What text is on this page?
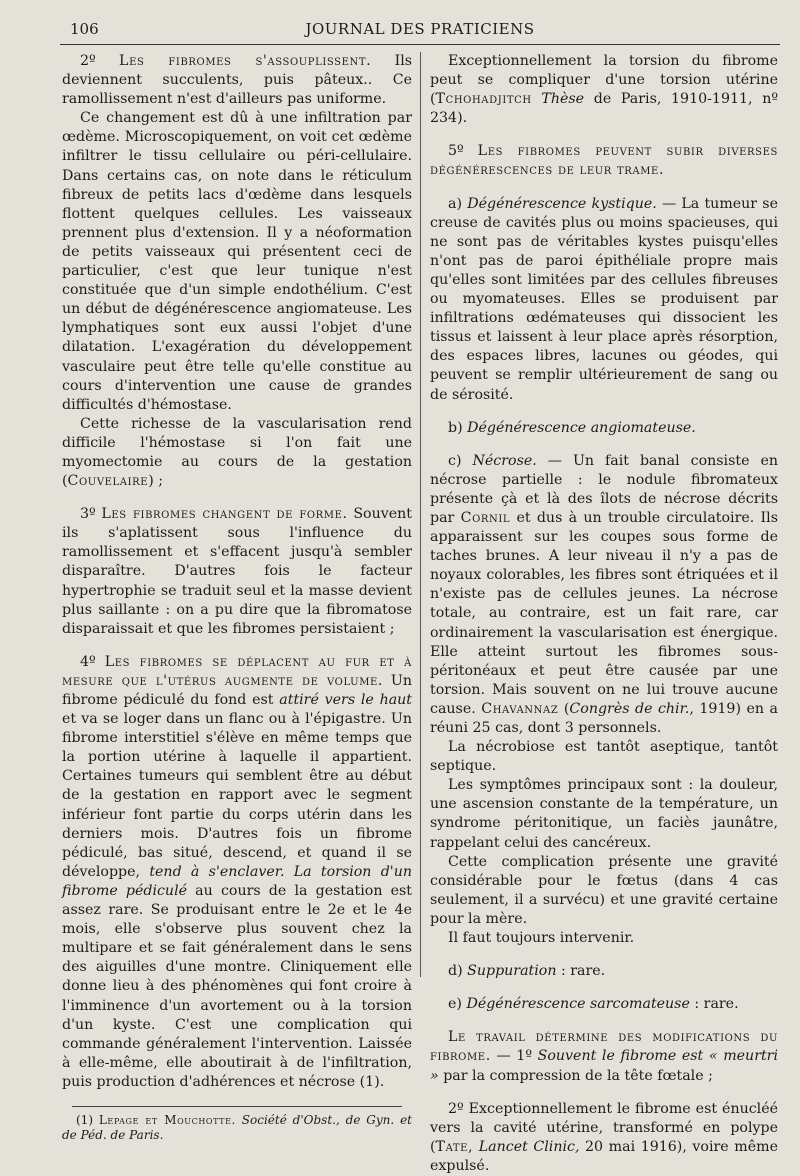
106	JOURNAL DES PRATICIENS

2º Les fibromes s'assouplissent. Ils deviennent succulents, puis pâteux.. Ce ramollissement n'est d'ailleurs pas uniforme.

Ce changement est dû à une infiltration par œdème. Microscopiquement, on voit cet œdème infiltrer le tissu cellulaire ou péri-cellulaire. Dans certains cas, on note dans le réticulum fibreux de petits lacs d'œdème dans lesquels flottent quelques cellules. Les vaisseaux prennent plus d'extension. Il y a néoformation de petits vaisseaux qui présentent ceci de particulier, c'est que leur tunique n'est constituée que d'un simple endothélium. C'est un début de dégénérescence angiomateuse. Les lymphatiques sont eux aussi l'objet d'une dilatation. L'exagération du développement vasculaire peut être telle qu'elle constitue au cours d'intervention une cause de grandes difficultés d'hémostase.

Cette richesse de la vascularisation rend difficile l'hémostase si l'on fait une myomectomie au cours de la gestation (Couvelaire) ;

3º Les fibromes changent de forme. Souvent ils s'aplatissent sous l'influence du ramollissement et s'effacent jusqu'à sembler disparaître. D'autres fois le facteur hypertrophie se traduit seul et la masse devient plus saillante : on a pu dire que la fibromatose disparaissait et que les fibromes persistaient ;

4º Les fibromes se déplacent au fur et à mesure que l'utérus augmente de volume. Un fibrome pédiculé du fond est attiré vers le haut et va se loger dans un flanc ou à l'épigastre. Un fibrome interstitiel s'élève en même temps que la portion utérine à laquelle il appartient. Certaines tumeurs qui semblent être au début de la gestation en rapport avec le segment inférieur font partie du corps utérin dans les derniers mois. D'autres fois un fibrome pédiculé, bas situé, descend, et quand il se développe, tend à s'enclaver. La torsion d'un fibrome pédiculé au cours de la gestation est assez rare. Se produisant entre le 2e et le 4e mois, elle s'observe plus souvent chez la multipare et se fait généralement dans le sens des aiguilles d'une montre. Cliniquement elle donne lieu à des phénomènes qui font croire à l'imminence d'un avortement ou à la torsion d'un kyste. C'est une complication qui commande généralement l'intervention. Laissée à elle-même, elle aboutirait à de l'infiltration, puis production d'adhérences et nécrose (1).

(1) Lepage et Mouchotte. Société d'Obst., de Gyn. et de Péd. de Paris.

Exceptionnellement la torsion du fibrome peut se compliquer d'une torsion utérine (Tchohadjitch Thèse de Paris, 1910-1911, nº 234).

5º Les fibromes peuvent subir diverses dégénérescences de leur trame.

a) Dégénérescence kystique. — La tumeur se creuse de cavités plus ou moins spacieuses, qui ne sont pas de véritables kystes puisqu'elles n'ont pas de paroi épithéliale propre mais qu'elles sont limitées par des cellules fibreuses ou myomateuses. Elles se produisent par infiltrations œdémateuses qui dissocient les tissus et laissent à leur place après résorption, des espaces libres, lacunes ou géodes, qui peuvent se remplir ultérieurement de sang ou de sérosité.

b) Dégénérescence angiomateuse.

c) Nécrose. — Un fait banal consiste en nécrose partielle : le nodule fibromateux présente çà et là des îlots de nécrose décrits par Cornil et dus à un trouble circulatoire. Ils apparaissent sur les coupes sous forme de taches brunes. A leur niveau il n'y a pas de noyaux colorables, les fibres sont étriquées et il n'existe pas de cellules jeunes. La nécrose totale, au contraire, est un fait rare, car ordinairement la vascularisation est énergique. Elle atteint surtout les fibromes sous-péritonéaux et peut être causée par une torsion. Mais souvent on ne lui trouve aucune cause. Chavannaz (Congrès de chir., 1919) en a réuni 25 cas, dont 3 personnels.

La nécrobiose est tantôt aseptique, tantôt septique.

Les symptômes principaux sont : la douleur, une ascension constante de la température, un syndrome péritonitique, un faciès jaunâtre, rappelant celui des cancéreux.

Cette complication présente une gravité considérable pour le fœtus (dans 4 cas seulement, il a survécu) et une gravité certaine pour la mère.

Il faut toujours intervenir.

d) Suppuration : rare.

e) Dégénérescence sarcomateuse : rare.

Le travail détermine des modifications du fibrome. — 1º Souvent le fibrome est « meurtri » par la compression de la tête fœtale ;

2º Exceptionnellement le fibrome est énucléé vers la cavité utérine, transformé en polype (Tate, Lancet Clinic, 20 mai 1916), voire même expulsé.
